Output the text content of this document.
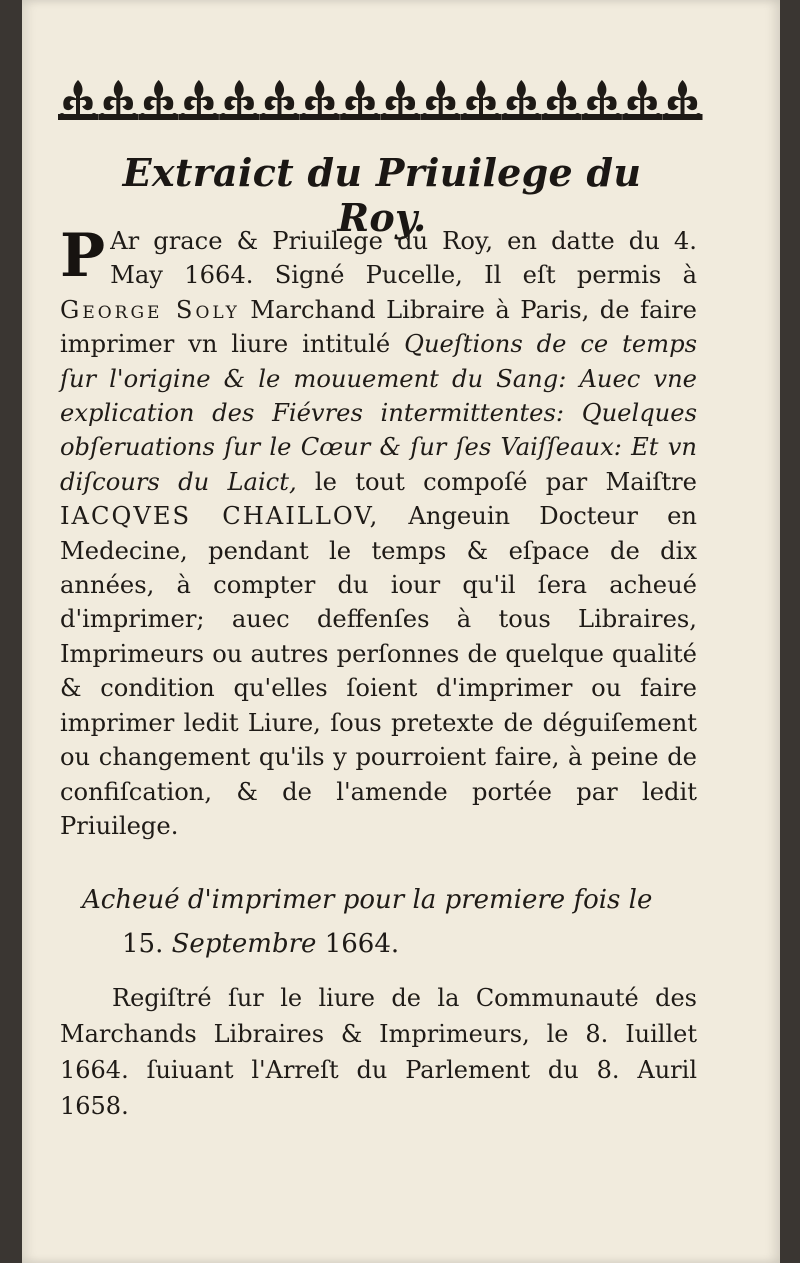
Extraict du Priuilege du Roy.
P Ar grace & Priuilege du Roy, en datte du 4. May 1664. Signé Pucelle, Il eſt permis à George Soly Marchand Libraire à Paris, de faire imprimer vn liure intitulé Queſtions de ce temps ſur l'origine & le mouuement du Sang: Auec vne explication des Fiévres intermittentes: Quelques obſeruations ſur le Cœur & ſur ſes Vaiſſeaux: Et vn diſcours du Laict, le tout compoſé par Maiſtre IACQVES CHAILLOV, Angeuin Docteur en Medecine, pendant le temps & eſpace de dix années, à compter du iour qu'il ſera acheué d'imprimer; auec deffenſes à tous Libraires, Imprimeurs ou autres perſonnes de quelque qualité & condition qu'elles ſoient d'imprimer ou faire imprimer ledit Liure, ſous pretexte de déguiſement ou changement qu'ils y pourroient faire, à peine de confiſcation, & de l'amende portée par ledit Priuilege.
Acheué d'imprimer pour la premiere fois le
15. Septembre 1664.
Regiſtré ſur le liure de la Communauté des Marchands Libraires & Imprimeurs, le 8. Iuillet 1664. ſuiuant l'Arreſt du Parlement du 8. Auril 1658.
